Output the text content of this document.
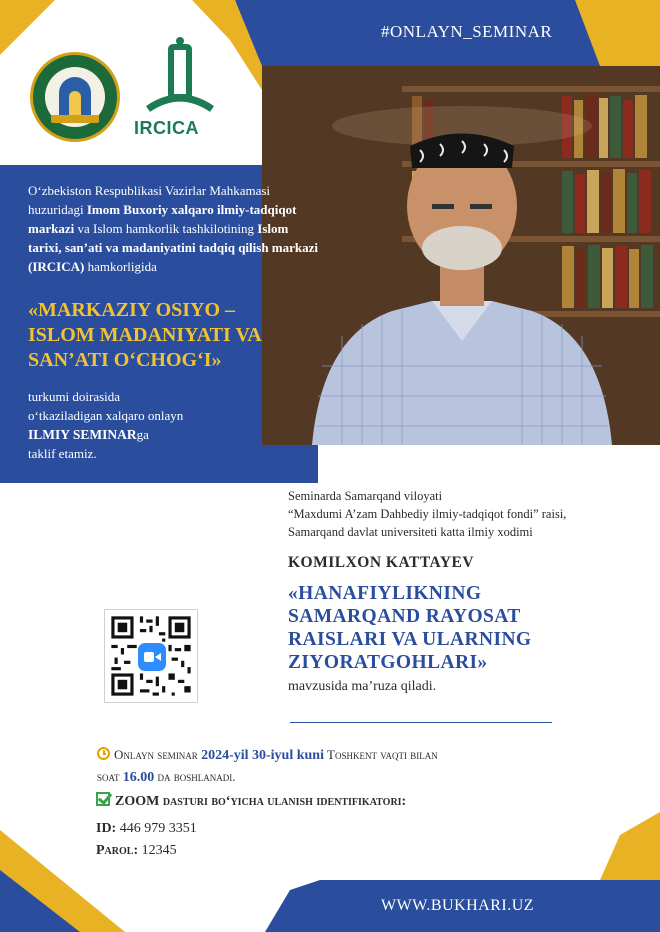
#ONLAYN_SEMINAR
IRCICA
O‘zbekiston Respublikasi Vazirlar Mahkamasi huzuridagi Imom Buxoriy xalqaro ilmiy-tadqiqot markazi va Islom hamkorlik tashkilotining Islom tarixi, san’ati va madaniyatini tadqiq qilish markazi (IRCICA) hamkorligida
«MARKAZIY OSIYO –
ISLOM MADANIYATI VA
SAN’ATI O‘CHOG‘I»
turkumi doirasida
o‘tkaziladigan xalqaro onlayn
ILMIY SEMINARga
taklif etamiz.
Seminarda Samarqand viloyati
“Maxdumi A’zam Dahbediy ilmiy-tadqiqot fondi” raisi,
Samarqand davlat universiteti katta ilmiy xodimi
KOMILXON KATTAYEV
«HANAFIYLIKNING
SAMARQAND RAYOSAT
RAISLARI VA ULARNING
ZIYORATGOHLARI»
mavzusida ma’ruza qiladi.
Onlayn seminar 2024-yil 30-iyul kuni Toshkent vaqti bilan
soat 16.00 da boshlanadi.
ZOOM dasturi bo‘yicha ulanish identifikatori:
ID: 446 979 3351
Parol: 12345
WWW.BUKHARI.UZ
